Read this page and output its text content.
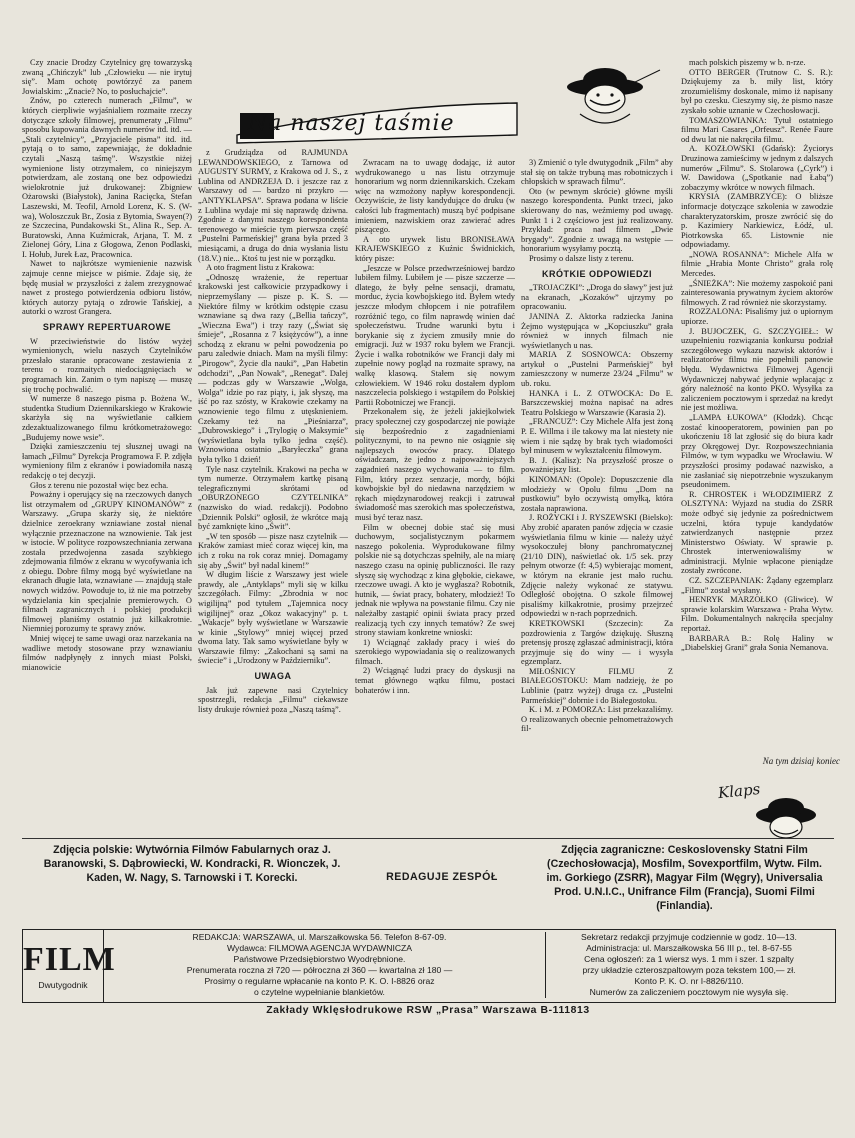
Na naszej taśmie

Czy znacie Drodzy Czytelnicy grę towarzyską zwaną „Chińczyk” lub „Człowieku — nie irytuj się”. Mam ochotę powtórzyć za panem Jowialskim: „Znacie? No, to posłuchajcie”.

Znów, po czterech numerach „Filmu”, w których cierpliwie wyjaśnialiem rozmaite rzeczy dotyczące szkoły filmowej, prenumeraty „Filmu” sposobu kupowania dawnych numerów itd. itd. — „Stali czytelnicy”, „Przyjaciele pisma” itd. itd. pytają o to samo, zapewniając, że dokładnie czytali „Naszą taśmę”. Wszystkie niżej wymienione listy otrzymałem, co niniejszym potwierdzam, ale zostaną one bez odpowiedzi wielokrotnie już drukowanej: Zbigniew Ożarowski (Białystok), Janina Racięcka, Stefan Laszewski, M. Teofil, Arnold Lorenz, K. S. (W-wa), Woloszczuk Br., Zosia z Bytomia, Swayen(?) ze Szczecina, Pundakowski St., Alina R., Sep. A. Buratowski, Anna Kuźmicrak, Arjana, T. M. z Zielonej Góry, Lina z Głogowa, Zenon Podlaski, I. Hołub, Jurek Łaz, Pracownica.

Nawet to najkrótsze wymienienie nazwisk zajmuje cenne miejsce w piśmie. Zdaje się, że będę musiał w przyszłości z żalem zrezygnować nawet z prostego potwierdzenia odbioru listów, których autorzy pytają o zdrowie Tańskiej, a autorki o wzrost Grangera.

SPRAWY REPERTUAROWE

W przeciwieństwie do listów wyżej wymienionych, wielu naszych Czytelników przesłało staranie opracowane zestawienia z terenu o rozmaitych niedociągnięciach w programach kin. Zanim o tym napiszę — muszę się trochę pochwalić.

W numerze 8 naszego pisma p. Bożena W., studentka Studium Dziennikarskiego w Krakowie skarżyła się na wyświetlanie całkiem zdezaktualizowanego filmu krótkometrażowego: „Budujemy nowe wsie”.

Dzięki zamieszczeniu tej słusznej uwagi na łamach „Filmu” Dyrekcja Programowa F. P. zdjęła wymieniony film z ekranów i powiadomiła naszą redakcję o tej decyzji.

Głos z terenu nie pozostał więc bez echa.

Poważny i operujący się na rzeczowych danych list otrzymałem od „GRUPY KINOMANÓW” z Warszawy. „Grupa skarży się, że niektóre dzielnice zeroekrany wzniawiane został nienal wyłącznie przeznaczone na wznowienie. Tak jest w istocie. W polityce rozpowszechniania zerwana została przedwojenna zasada szybkiego zdejmowania filmów z ekranu w wycofywania ich z obiegu. Dobre filmy mogą być wyświetlane na ekranach długie lata, wznawiane — znajdują stałe nowych widzów. Powoduje to, iż nie ma potrzeby wydzielania kin specjalnie premierowych. O filmach zagranicznych i polskiej produkcji filmowej planiśmy ostatnio już kilkakrotnie. Niemniej porozumy te sprawy znów.

Mniej więcej te same uwagi oraz narzekania na wadliwe metody stosowane przy wznawianiu filmów nadpłynęły z innych miast Polski, mianowicie

z Grudziądza od RAJMUNDA LEWANDOWSKIEGO, z Tarnowa od AUGUSTY SURMY, z Krakowa od J. S., z Lublina od ANDRZEJA D. i jeszcze raz z Warszawy od — bardzo ni przykro — „ANTYKLAPSA”. Sprawa podana w liście z Lublina wydaje mi się naprawdę dziwna. Zgodnie z danymi naszego korespondenta terenowego w mieście tym pierwsza część „Pustelni Parmeńskiej” grana była przed 3 miesiącami, a druga do dnia wysłania listu (18.V.) nie... Ktoś tu jest nie w porządku.

A oto fragment listu z Krakowa:

„Odnoszę wrażenie, że repertuar krakowski jest całkowicie przypadkowy i nieprzemyślany — pisze p. K. S. — Niektóre filmy w krótkim odstępie czasu wznawiane są dwa razy („Bellia tańczy”, „Wieczna Ewa”) i trzy razy („Świat się śmieje”, „Rosanna z 7 księżyców”), a inne schodzą z ekranu w pełni powodzenia po paru zaledwie dniach. Mam na myśli filmy: „Pirogow”, Życie dla nauki”, „Pan Habetin odchodzi”, „Pan Nowak”, „Renegat”. Dalej — podczas gdy w Warszawie „Wolga, Wolga” idzie po raz piąty, i, jak słyszę, ma iść po raz szósty, w Krakowie czekamy na wznowienie tego filmu z utęsknieniem. Czekamy też na „Pieśniarza”, „Dubrowskiego” i „Trylogię o Maksymie” (wyświetlana była tylko jedna część). Wznowiona ostatnio „Baryłeczka” grana była tylko 1 dzień!

Tyle nasz czytelnik. Krakowi na pecha w tym numerze. Otrzymałem kartkę pisaną telegraficznymi skrótami od „OBURZONEGO CZYTELNIKA” (nazwisko do wiad. redakcji). Podobno „Dziennik Polski” ogłosił, że wkrótce mają być zamknięte kino „Świt”.

„W ten sposób — pisze nasz czytelnik — Kraków zamiast mieć coraz więcej kin, ma ich z roku na rok coraz mniej. Domagamy się aby „Świt” był nadal kinem!”

W długim liście z Warszawy jest wiele prawdy, ale „Antyklaps” myli się w kilku szczegółach. Filmy: „Zbrodnia w noc wigilijną” pod tytułem „Tajemnica nocy wigilijnej” oraz „Okoz wakacyjny” p. t. „Wakacje” były wyświetlane w Warszawie w kinie „Stylowy” mniej więcej przed dwoma laty. Tak samo wyświetlane były w Warszawie filmy: „Zakochani są sami na świecie” i „Urodzony w Październiku”.

UWAGA

Jak już zapewne nasi Czytelnicy spostrzegli, redakcja „Filmu” ciekawsze listy drukuje również poza „Naszą taśmą”.

Zwracam na to uwagę dodając, iż autor wydrukowanego u nas listu otrzymuje honorarium wg norm dziennikarskich. Czekam więc na wzmożony napływ korespondencji. Oczywiście, że listy kandydujące do druku (w całości lub fragmentach) muszą być podpisane imieniem, nazwiskiem oraz zawierać adres piszącego.

A oto urywek listu BRONISŁAWA KRAJEWSKIEGO z Kuźnic Świdnickich, który pisze:

„Jeszcze w Polsce przedwrześniowej bardzo lubiłem filmy. Lubiłem je — pisze szczerze — dlatego, że były pełne sensacji, dramatu, morduc, życia kowbojskiego itd. Byłem wtedy jeszcze młodym chłopcem i nie potrafiłem rozróżnić tego, co film naprawdę winien dać społeczeństwu. Trudne warunki bytu i borykanie się z życiem zmusiły mnie do emigracji. Już w 1937 roku byłem we Francji. Życie i walka robotników we Francji dały mi zupełnie nowy pogląd na rozmaite sprawy, na walkę klasową. Stałem się nowym człowiekiem. W 1946 roku dostałem dyplom naszczelecia polskiego i wstąpiłem do Polskiej Partii Robotniczej we Francji.

Przekonałem się, że jeżeli jakiejkolwiek pracy społecznej czy gospodarczej nie powiąże się bezpośrednio z zagadnieniami politycznymi, to na pewno nie osiągnie się najlepszych owoców pracy. Dlatego oświadczam, że jedno z najpoważniejszych zagadnień naszego wychowania — to film. Film, który przez senzacje, mordy, bójki kowbojskie był do niedawna narzędziem w rękach międzynarodowej reakcji i zatruwał świadomość mas szerokich mas społeczeństwa, musi być teraz nasz.

Film w obecnej dobie stać się musi duchowym, socjalistycznym pokarmem naszego pokolenia. Wyprodukowane filmy polskie nie są dotychczas spełniły, ale na miarę naszego czasu na opinię publiczności. Ile razy słyszę się wychodząc z kina głębokie, ciekawe, rzeczowe uwagi. A kto je wygłasza? Robotnik, hutnik, — świat pracy, bohatery, młodzież! To jednak nie wpływa na powstanie filmu. Czy nie należałby zastąpić opinii świata pracy przed realizacją tych czy innych tematów? Ze swej strony stawiam konkretne wnioski:

1) Wciągnąć zakłady pracy i wieś do szerokiego wypowiadania się o realizowanych filmach.

2) Wciągnąć ludzi pracy do dyskusji na temat głównego wątku filmu, postaci bohaterów i inn.

3) Zmienić o tyle dwutygodnik „Film” aby stał się on także trybuną mas robotniczych i chłopskich w sprawach filmu”.

Oto (w pewnym skrócie) główne myśli naszego korespondenta. Punkt trzeci, jako skierowany do nas, weźmiemy pod uwagę. Punkt 1 i 2 częściowo jest już realizowany. Przykład: praca nad filmem „Dwie brygady”. Zgodnie z uwagą na wstępie — honorarium wysyłamy pocztą.

Prosimy o dalsze listy z terenu.

KRÓTKIE ODPOWIEDZI

„TROJACZKI”: „Droga do sławy” jest już na ekranach, „Kozaków” ujrzymy po opracowaniu.

JANINA Z. Aktorka radziecka Janina Żejmo występująca w „Kopciuszku” grała również w innych filmach nie wyświetlanych u nas.

MARIA Z SOSNOWCA: Obszerny artykuł o „Pustelni Parmeńskiej” był zamieszczony w numerze 23/24 „Filmu” w ub. roku.

HANKA i L. Z OTWOCKA: Do E. Barszczewskiej można napisać na adres Teatru Polskiego w Warszawie (Karasia 2).

„FRANCUZ”: Czy Michele Alfa jest żoną P. E. Willma i ile takowy ma lat niestety nie wiem i nie sądzę by brak tych wiadomości był minusem w wykształceniu filmowym.

B. J. (Kalisz): Na przyszłość prosze o poważniejszy list.

KINOMAN: (Opole): Dopuszczenie dla młodzieży w Opolu filmu „Dom na pustkowiu” było oczywistą omyłką, która została naprawiona.

J. ROŻYCKI i J. RYSZEWSKI (Bielsko): Aby zrobić aparaten panów zdjęcia w czasie wyświetlania filmu w kinie — należy użyć wysokoczułej błony panchromatycznej (21/10 DIN), naświetlać ok. 1/5 sek. przy pełnym otworze (f: 4,5) wybierając moment, w którym na ekranie jest mało ruchu. Zdjęcie należy wykonać ze statywu. Odległość obojętna. O szkole filmowej pisaliśmy kilkakrotnie, prosimy przejrzeć odpowiedzi w n-rach poprzednich.

KRETKOWSKI (Szczecin): Za pozdrowienia z Targów dziękuję. Słuszną pretensję proszę zgłaszać administracji, która przyjmuje się do winy — i wysyła egzemplarz.

MIŁOŚNICY FILMU Z BIAŁEGOSTOKU: Mam nadzieję, że po Lublinie (patrz wyżej) druga cz. „Pustelni Parmeńskiej” dobrnie i do Białegostoku.

K. i M. z POMORZA: List przekazaliśmy. O realizowanych obecnie pełnometrażowych fil-

mach polskich piszemy w b. n-rze.

OTTO BERGER (Trutnow C. S. R.): Dziękujemy za b. miły list, który zrozumieliśmy doskonale, mimo iż napisany był po czesku. Cieszymy się, że pismo nasze zyskało sobie uznanie w Czechosłowacji.

TOMASZOWIANKA: Tytuł ostatniego filmu Mari Casares „Orfeusz”. Renée Faure od dwu lat nie nakręciła filmu.

A. KOZŁOWSKI (Gdańsk): Życiorys Druzinowa zamieścimy w jednym z dalszych numerów „Filmu”. S. Stolarowa („Cyrk”) i W. Dawidowa („Spotkanie nad Łabą”) zobaczymy wkrótce w nowych filmach.

KRYSIA (ZAMBRZYCE): O bliższe informacje dotyczące szkolenia w zawodzie charakteryzatorskim, prosze zwrócić się do p. Kazimiery Narkiewicz, Łódź, ul. Piotrkowska 65. Listownie nie odpowiadamy.

„NOWA ROSANNA”: Michele Alfa w filmie „Hrabia Monte Christo” grała rolę Mercedes.

„ŚNIEŻKA”: Nie możemy zaspokoić pani zainteresowania prywatnym życiem aktorów filmowych. Z rad również nie skorzystamy.

ROZZALONA: Pisaliśmy już o upiornym upiorze.

J. BUJOCZEK, G. SZCZYGIEŁ.: W uzupełnieniu rozwiązania konkursu podział szczegółowego wykazu nazwisk aktorów i realizatorów filmu nie popełnili panowie błędu. Wydawnictwa Filmowej Agencji Wydawniczej nabywać jedynie wpłacając z góry należność na konto PKO. Wysyłka za zaliczeniem pocztowym i sprzedaż na kredyt nie jest możliwa.

„LAMPA ŁUKOWA” (Kłodzk). Chcąc zostać kinooperatorem, powinien pan po ukończeniu 18 lat zgłosić się do biura kadr przy Okręgowej Dyr. Rozpowszechniania Filmów, w tym wypadku we Wrocławiu. W przyszłości prosimy podawać nazwisko, a nie zasłaniać się niepotrzebnie wyszukanym pseudonimem.

R. CHROSTEK i WŁODZIMIERZ Z OLSZTYNA: Wyjazd na studia do ZSRR może odbyć się jedynie za pośrednictwem uczelni, która typuje kandydatów zatwierdzanych następnie przez Ministerstwo Oświaty. W sprawie p. Chrostek interweniowaliśmy w administracji. Mylnie wpłacone pieniądze zostały zwrócone.

CZ. SZCZEPANIAK: Żądany egzemplarz „Filmu” został wysłany.

HENRYK MARZOŁKO (Gliwice). W sprawie kolarskim Warszawa - Praha Wytw. Film. Dokumentalnych nakręciła specjalny reportaż.

BARBARA B.: Rolę Haliny w „Diabelskiej Grani” grała Sonia Nemanova.

Na tym dzisiaj koniec
Klaps
Zdjęcia polskie: Wytwórnia Filmów Fabularnych oraz J. Baranowski, S. Dąbrowiecki, W. Kondracki, R. Wionczek, J. Kaden, W. Nagy, S. Tarnowski i T. Korecki.	REDAGUJE ZESPÓŁ
Zdjęcia zagraniczne: Ceskoslovensky Statni Film (Czechosłowacja), Mosfilm, Sovexportfilm, Wytw. Film. im. Gorkiego (ZSRR), Magyar Film (Węgry), Universalia Prod. U.N.I.C., Unifrance Film (Francja), Suomi Filmi (Finlandia).
FILM
Dwutygodnik
REDAKCJA: WARSZAWA, ul. Marszałkowska 56. Telefon 8-67-09.
Wydawca: FILMOWA AGENCJA WYDAWNICZA
Państwowe Przedsiębiorstwo Wyodrębnione.
Prenumerata roczna zł 720 — półroczna zł 360 — kwartalna zł 180 —
Prosimy o regularne wpłacanie na konto P. K. O. I-8826 oraz
o czytelne wypełnianie blankietów.
Sekretarz redakcji przyjmuje codziennie w godz. 10—13.
Administracja: ul. Marszałkowska 56 III p., tel. 8-67-55
Cena ogłoszeń: za 1 wiersz wys. 1 mm i szer. 1 szpalty
przy układzie czteroszpaltowym poza tekstem 100,— zł.
Konto P. K. O. nr I-8826/110.
Numerów za zaliczeniem pocztowym nie wysyła się.
Zakłady Wklęsłodrukowe RSW „Prasa” Warszawa B-111813
